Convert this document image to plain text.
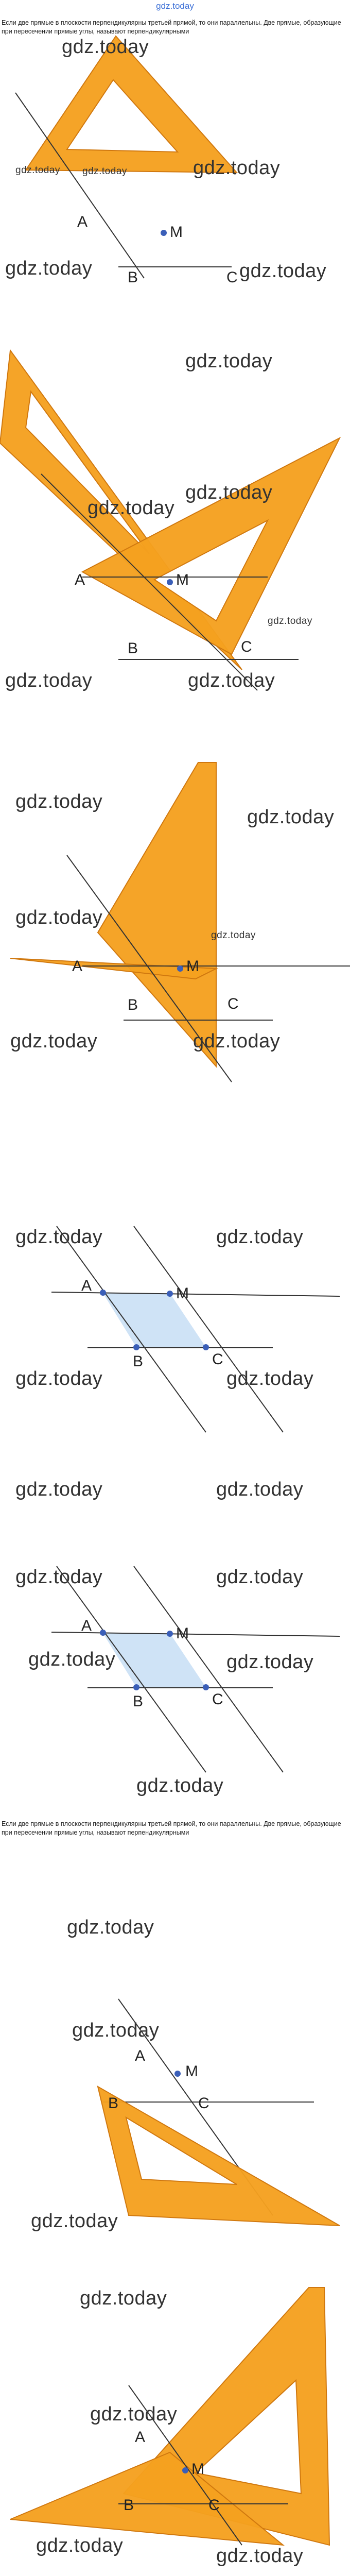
gdz.today

Если две прямые в плоскости перпендикулярны третьей прямой, то они параллельны. Две прямые, образующие при пересечении прямые углы, называют перпендикулярными

Если две прямые в плоскости перпендикулярны третьей прямой, то они параллельны. Две прямые, образующие при пересечении прямые углы, называют перпендикулярными

A
M
B	C
gdz.today
gdz.today
gdz.today gdz.today
gdz.today	gdz.today
A	M
B	C
gdz.today
gdz.today
gdz.today
gdz.today
gdz.today	gdz.today
A	M
B	C
gdz.today
gdz.today
gdz.today
gdz.today
gdz.today	gdz.today
A	M
B	C
gdz.today	gdz.today
gdz.today	gdz.today
gdz.today	gdz.today
A	M
B	C
gdz.today	gdz.today
gdz.today	gdz.today
gdz.today
A
M
B	C
gdz.today
gdz.today
gdz.today
A
M
B	C
gdz.today
gdz.today
gdz.today	gdz.today
